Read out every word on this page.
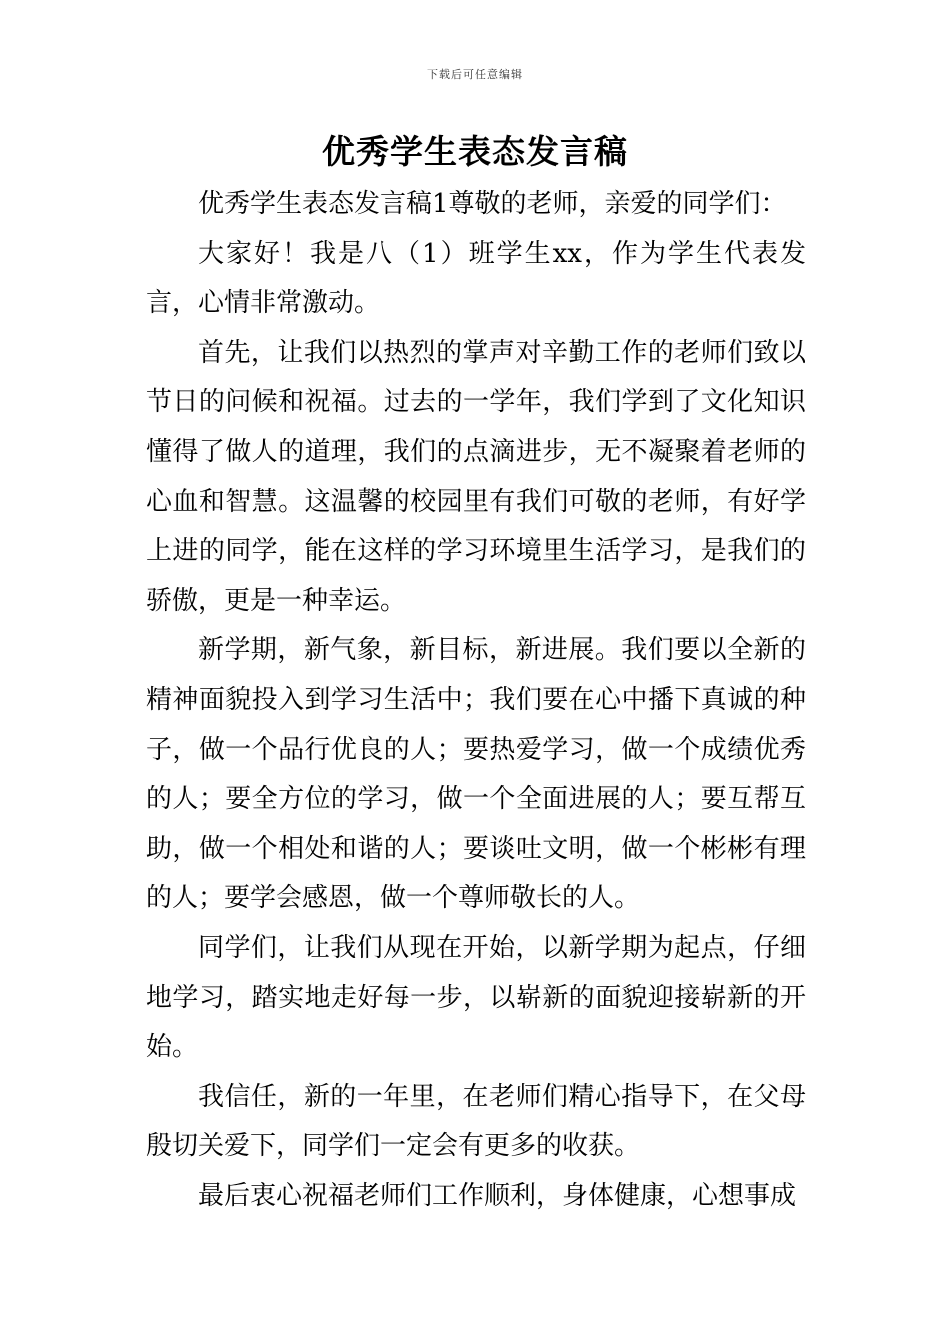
下载后可任意编辑
优秀学生表态发言稿

优秀学生表态发言稿1尊敬的老师，亲爱的同学们：

大家好！我是八（1）班学生xx，作为学生代表发言，心情非常激动。

首先，让我们以热烈的掌声对辛勤工作的老师们致以节日的问候和祝福。过去的一学年，我们学到了文化知识懂得了做人的道理，我们的点滴进步，无不凝聚着老师的心血和智慧。这温馨的校园里有我们可敬的老师，有好学上进的同学，能在这样的学习环境里生活学习，是我们的骄傲，更是一种幸运。

新学期，新气象，新目标，新进展。我们要以全新的精神面貌投入到学习生活中；我们要在心中播下真诚的种子，做一个品行优良的人；要热爱学习，做一个成绩优秀的人；要全方位的学习，做一个全面进展的人；要互帮互助，做一个相处和谐的人；要谈吐文明，做一个彬彬有理的人；要学会感恩，做一个尊师敬长的人。

同学们，让我们从现在开始，以新学期为起点，仔细地学习，踏实地走好每一步，以崭新的面貌迎接崭新的开始。

我信任，新的一年里，在老师们精心指导下，在父母殷切关爱下，同学们一定会有更多的收获。

最后衷心祝福老师们工作顺利，身体健康，心想事成
